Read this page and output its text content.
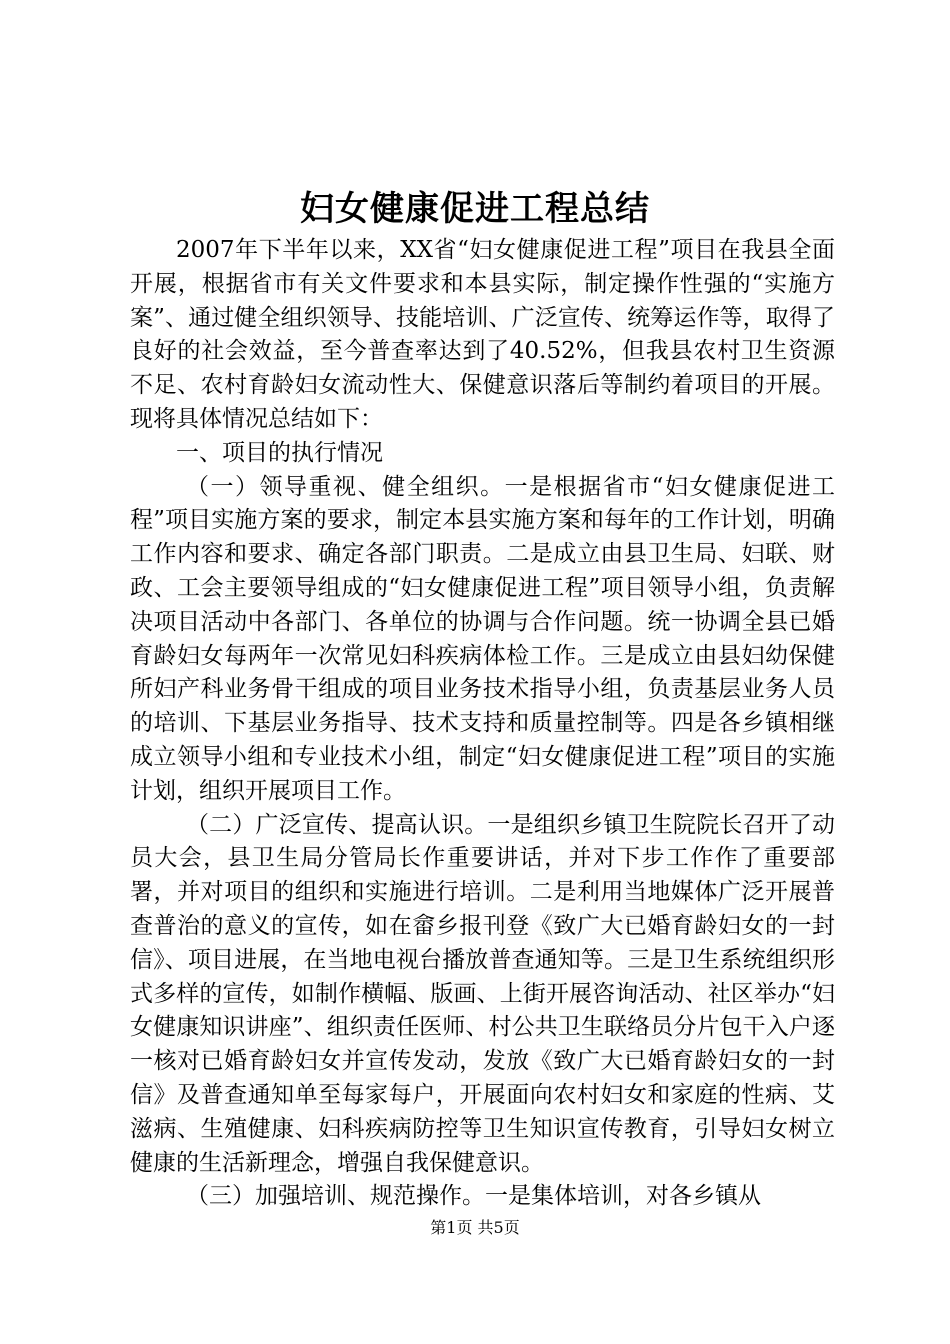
妇女健康促进工程总结

2007年下半年以来，XX省“妇女健康促进工程”项目在我县全面开展，根据省市有关文件要求和本县实际，制定操作性强的“实施方案”、通过健全组织领导、技能培训、广泛宣传、统筹运作等，取得了良好的社会效益，至今普查率达到了40.52%，但我县农村卫生资源不足、农村育龄妇女流动性大、保健意识落后等制约着项目的开展。现将具体情况总结如下：

一、项目的执行情况

（一）领导重视、健全组织。一是根据省市“妇女健康促进工程”项目实施方案的要求，制定本县实施方案和每年的工作计划，明确工作内容和要求、确定各部门职责。二是成立由县卫生局、妇联、财政、工会主要领导组成的“妇女健康促进工程”项目领导小组，负责解决项目活动中各部门、各单位的协调与合作问题。统一协调全县已婚育龄妇女每两年一次常见妇科疾病体检工作。三是成立由县妇幼保健所妇产科业务骨干组成的项目业务技术指导小组，负责基层业务人员的培训、下基层业务指导、技术支持和质量控制等。四是各乡镇相继成立领导小组和专业技术小组，制定“妇女健康促进工程”项目的实施计划，组织开展项目工作。

（二）广泛宣传、提高认识。一是组织乡镇卫生院院长召开了动员大会，县卫生局分管局长作重要讲话，并对下步工作作了重要部署，并对项目的组织和实施进行培训。二是利用当地媒体广泛开展普查普治的意义的宣传，如在畲乡报刊登《致广大已婚育龄妇女的一封信》、项目进展，在当地电视台播放普查通知等。三是卫生系统组织形式多样的宣传，如制作横幅、版画、上街开展咨询活动、社区举办“妇女健康知识讲座”、组织责任医师、村公共卫生联络员分片包干入户逐一核对已婚育龄妇女并宣传发动，发放《致广大已婚育龄妇女的一封信》及普查通知单至每家每户，开展面向农村妇女和家庭的性病、艾滋病、生殖健康、妇科疾病防控等卫生知识宣传教育，引导妇女树立健康的生活新理念，增强自我保健意识。

（三）加强培训、规范操作。一是集体培训，对各乡镇从

第1页 共5页
